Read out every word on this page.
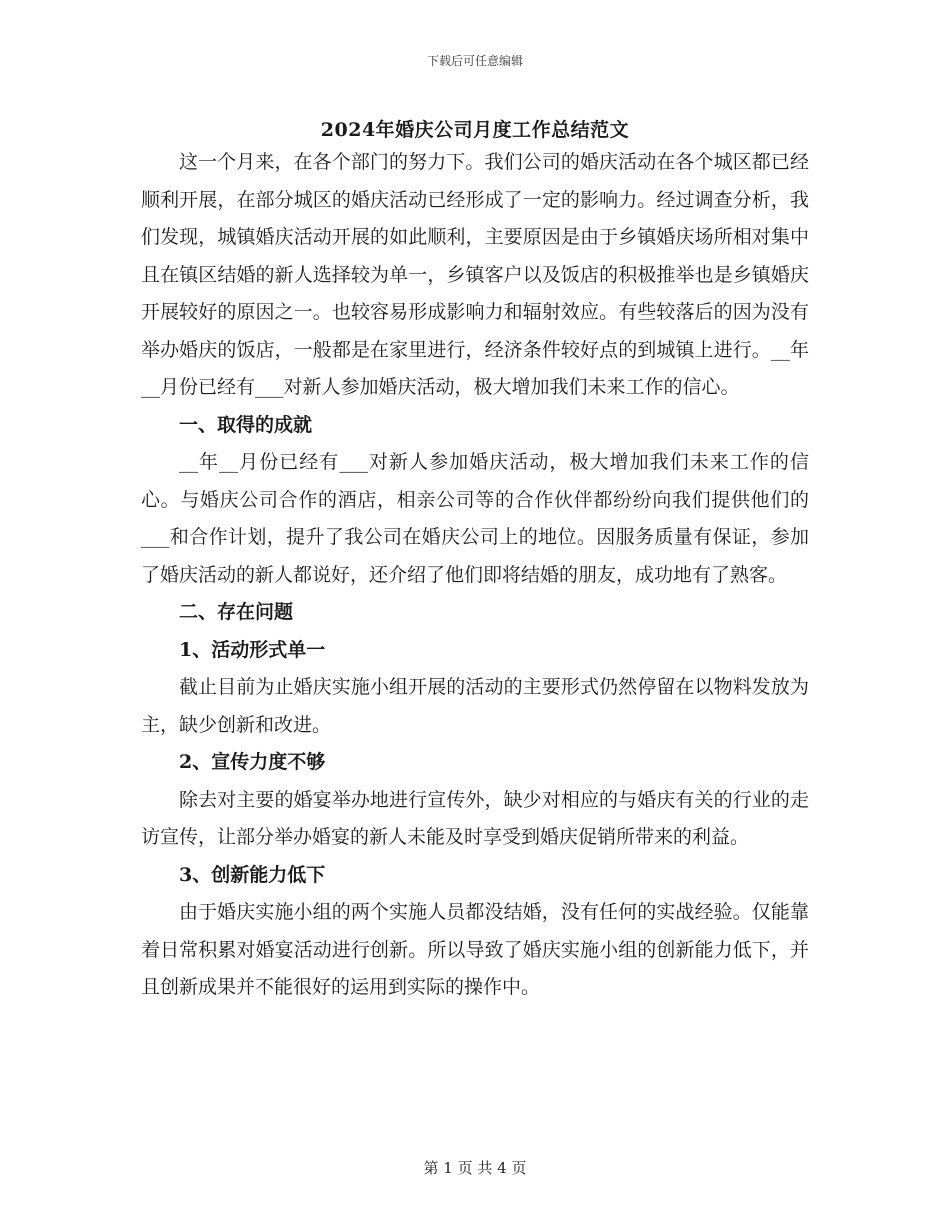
下载后可任意编辑
2024年婚庆公司月度工作总结范文

这一个月来，在各个部门的努力下。我们公司的婚庆活动在各个城区都已经顺利开展，在部分城区的婚庆活动已经形成了一定的影响力。经过调查分析，我们发现，城镇婚庆活动开展的如此顺利，主要原因是由于乡镇婚庆场所相对集中且在镇区结婚的新人选择较为单一，乡镇客户以及饭店的积极推举也是乡镇婚庆开展较好的原因之一。也较容易形成影响力和辐射效应。有些较落后的因为没有举办婚庆的饭店，一般都是在家里进行，经济条件较好点的到城镇上进行。__年__月份已经有___对新人参加婚庆活动，极大增加我们未来工作的信心。

一、取得的成就

__年__月份已经有___对新人参加婚庆活动，极大增加我们未来工作的信心。与婚庆公司合作的酒店，相亲公司等的合作伙伴都纷纷向我们提供他们的___和合作计划，提升了我公司在婚庆公司上的地位。因服务质量有保证，参加了婚庆活动的新人都说好，还介绍了他们即将结婚的朋友，成功地有了熟客。

二、存在问题

1、活动形式单一

截止目前为止婚庆实施小组开展的活动的主要形式仍然停留在以物料发放为主，缺少创新和改进。

2、宣传力度不够

除去对主要的婚宴举办地进行宣传外，缺少对相应的与婚庆有关的行业的走访宣传，让部分举办婚宴的新人未能及时享受到婚庆促销所带来的利益。

3、创新能力低下

由于婚庆实施小组的两个实施人员都没结婚，没有任何的实战经验。仅能靠着日常积累对婚宴活动进行创新。所以导致了婚庆实施小组的创新能力低下，并且创新成果并不能很好的运用到实际的操作中。

第 1 页 共 4 页
